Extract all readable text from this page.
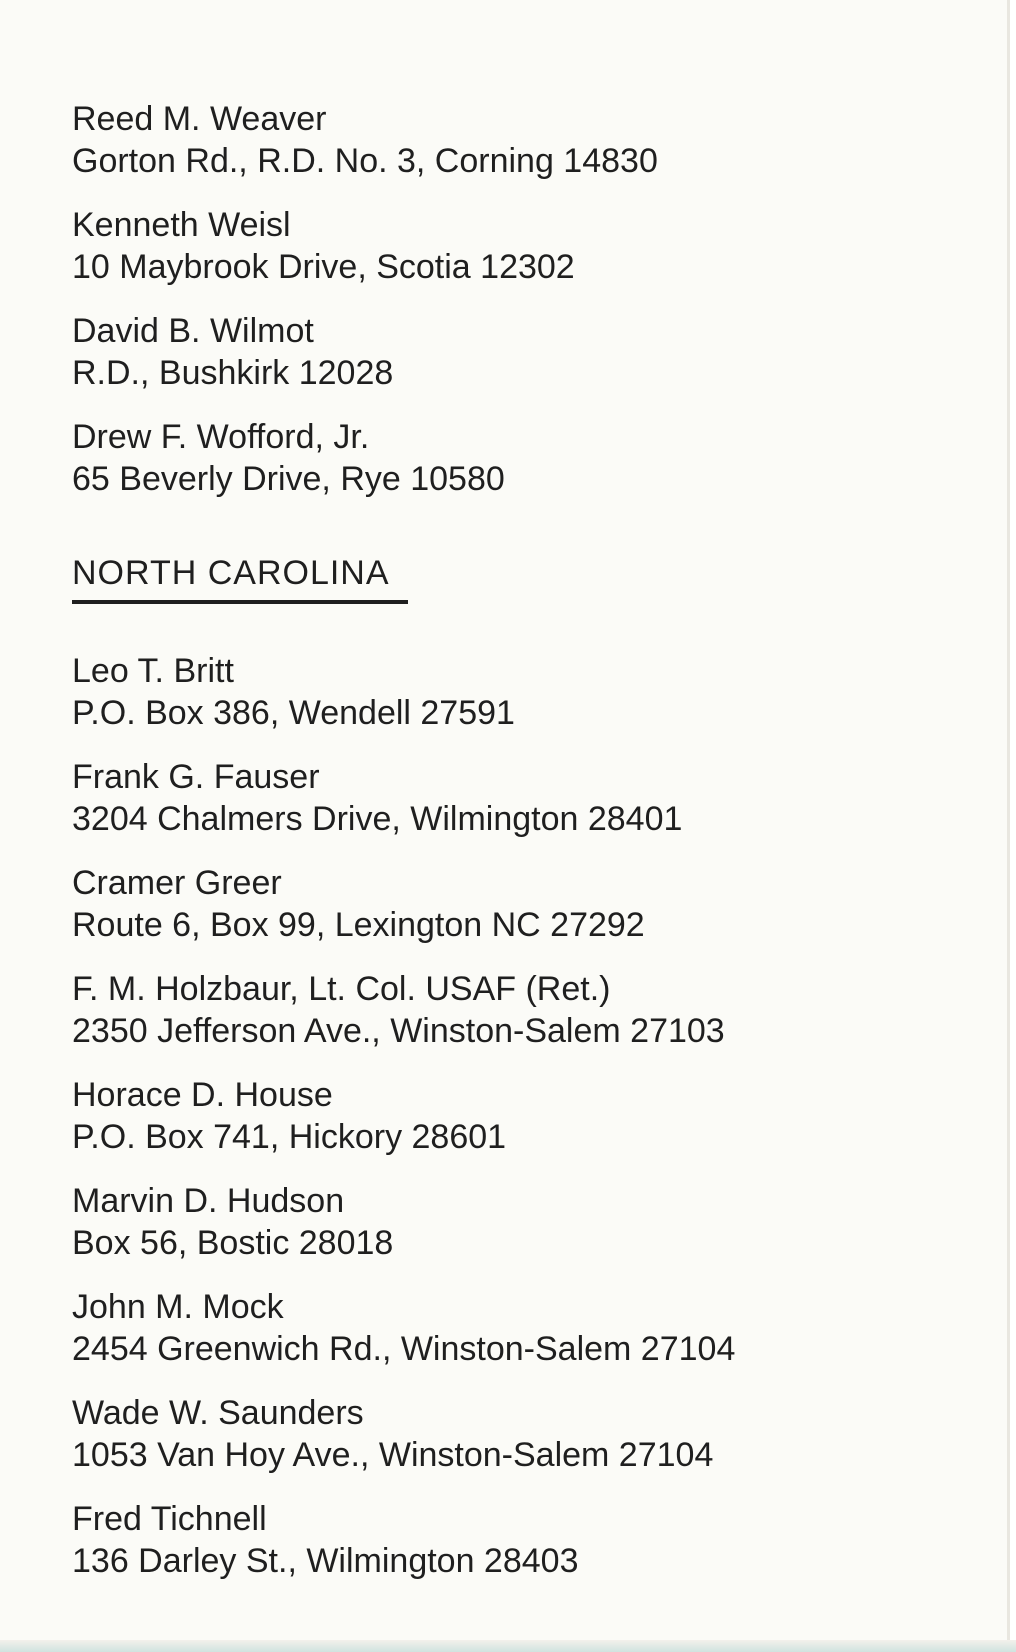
Reed M. Weaver
Gorton Rd., R.D. No. 3, Corning 14830
Kenneth Weisl
10 Maybrook Drive, Scotia 12302
David B. Wilmot
R.D., Bushkirk 12028
Drew F. Wofford, Jr.
65 Beverly Drive, Rye 10580
NORTH CAROLINA
Leo T. Britt
P.O. Box 386, Wendell 27591
Frank G. Fauser
3204 Chalmers Drive, Wilmington 28401
Cramer Greer
Route 6, Box 99, Lexington NC 27292
F. M. Holzbaur, Lt. Col. USAF (Ret.)
2350 Jefferson Ave., Winston-Salem 27103
Horace D. House
P.O. Box 741, Hickory 28601
Marvin D. Hudson
Box 56, Bostic 28018
John M. Mock
2454 Greenwich Rd., Winston-Salem 27104
Wade W. Saunders
1053 Van Hoy Ave., Winston-Salem 27104
Fred Tichnell
136 Darley St., Wilmington 28403
